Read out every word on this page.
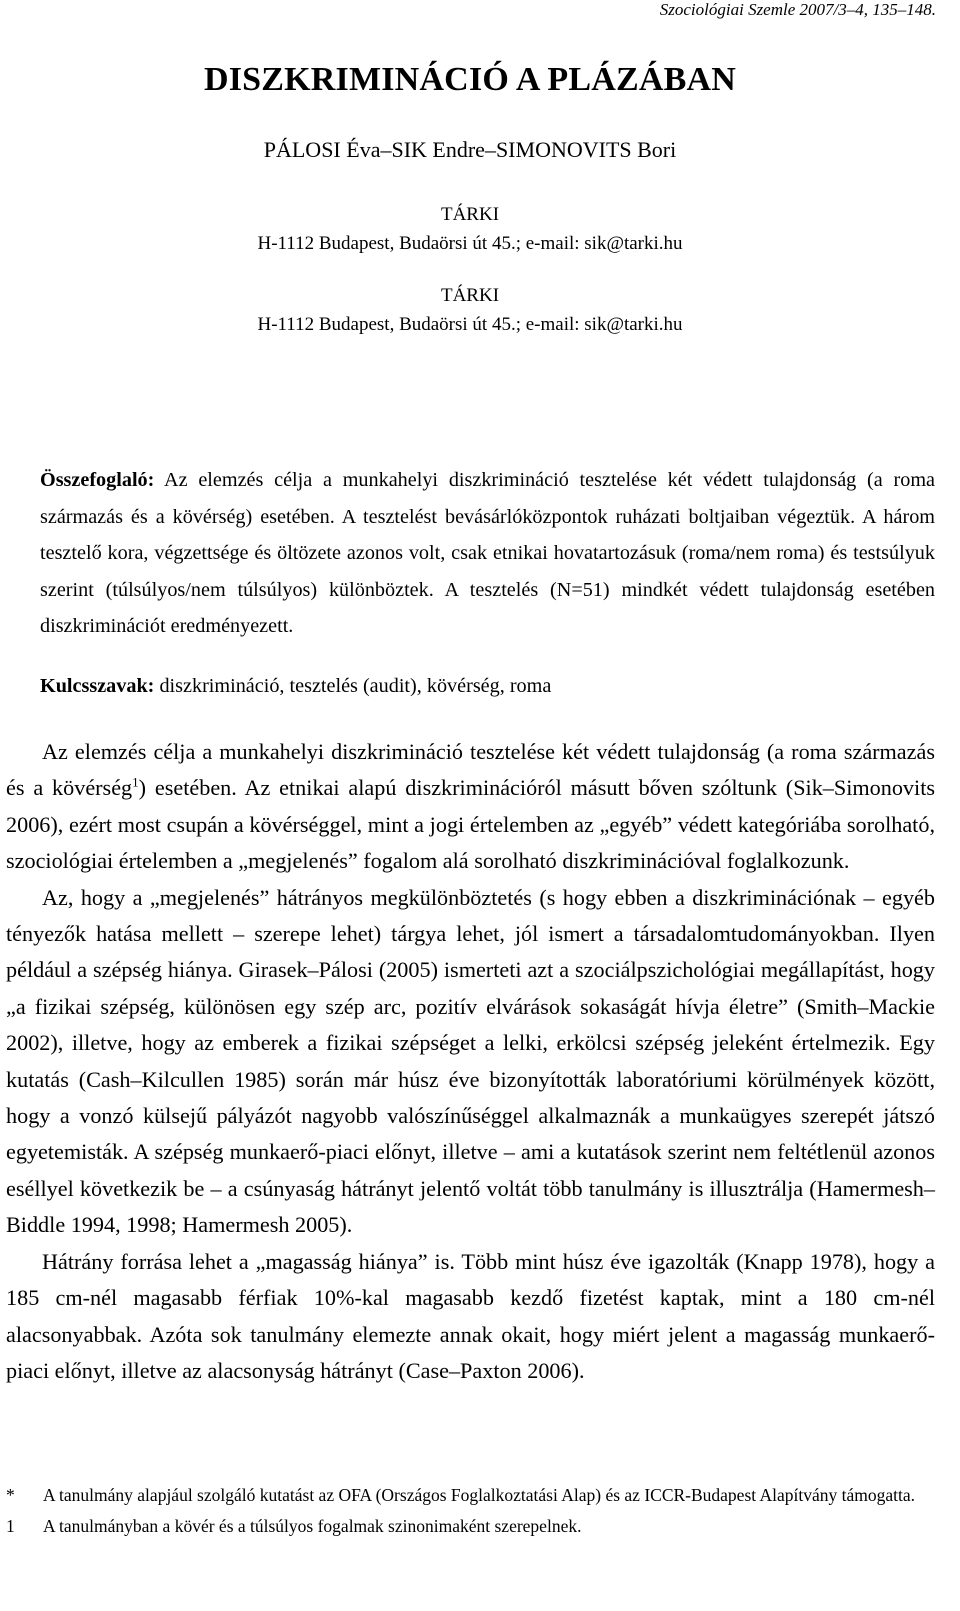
Szociológiai Szemle 2007/3–4, 135–148.
DISZKRIMINÁCIÓ A PLÁZÁBAN
PÁLOSI Éva–SIK Endre–SIMONOVITS Bori
TÁRKI
H-1112 Budapest, Budaörsi út 45.; e-mail: sik@tarki.hu
TÁRKI
H-1112 Budapest, Budaörsi út 45.; e-mail: sik@tarki.hu

Összefoglaló: Az elemzés célja a munkahelyi diszkrimináció tesztelése két védett tulajdonság (a roma származás és a kövérség) esetében. A tesztelést bevásárlóközpontok ruházati boltjaiban végeztük. A három tesztelő kora, végzettsége és öltözete azonos volt, csak etnikai hovatartozásuk (roma/nem roma) és testsúlyuk szerint (túlsúlyos/nem túlsúlyos) különböztek. A tesztelés (N=51) mindkét védett tulajdonság esetében diszkriminációt eredményezett.

Kulcsszavak: diszkrimináció, tesztelés (audit), kövérség, roma

Az elemzés célja a munkahelyi diszkrimináció tesztelése két védett tulajdonság (a roma származás és a kövérség$^1$) esetében. Az etnikai alapú diszkriminációról másutt bőven szóltunk (Sik–Simonovits 2006), ezért most csupán a kövérséggel, mint a jogi értelemben az „egyéb” védett kategóriába sorolható, szociológiai értelemben a „megjelenés” fogalom alá sorolható diszkriminációval foglalkozunk.

Az, hogy a „megjelenés” hátrányos megkülönböztetés (s hogy ebben a diszkriminációnak – egyéb tényezők hatása mellett – szerepe lehet) tárgya lehet, jól ismert a társadalomtudományokban. Ilyen például a szépség hiánya. Girasek–Pálosi (2005) ismerteti azt a szociálpszichológiai megállapítást, hogy „a fizikai szépség, különösen egy szép arc, pozitív elvárások sokaságát hívja életre” (Smith–Mackie 2002), illetve, hogy az emberek a fizikai szépséget a lelki, erkölcsi szépség jeleként értelmezik. Egy kutatás (Cash–Kilcullen 1985) során már húsz éve bizonyították laboratóriumi körülmények között, hogy a vonzó külsejű pályázót nagyobb valószínűséggel alkalmaznák a munkaügyes szerepét játszó egyetemisták. A szépség munkaerő-piaci előnyt, illetve – ami a kutatások szerint nem feltétlenül azonos eséllyel következik be – a csúnyaság hátrányt jelentő voltát több tanulmány is illusztrálja (Hamermesh–Biddle 1994, 1998; Hamermesh 2005).

Hátrány forrása lehet a „magasság hiánya” is. Több mint húsz éve igazolták (Knapp 1978), hogy a 185 cm-nél magasabb férfiak 10%-kal magasabb kezdő fizetést kaptak, mint a 180 cm-nél alacsonyabbak. Azóta sok tanulmány elemezte annak okait, hogy miért jelent a magasság munkaerő-piaci előnyt, illetve az alacsonyság hátrányt (Case–Paxton 2006).

*	A tanulmány alapjául szolgáló kutatást az OFA (Országos Foglalkoztatási Alap) és az ICCR-Budapest Alapítvány támogatta.
1	A tanulmányban a kövér és a túlsúlyos fogalmak szinonimaként szerepelnek.
